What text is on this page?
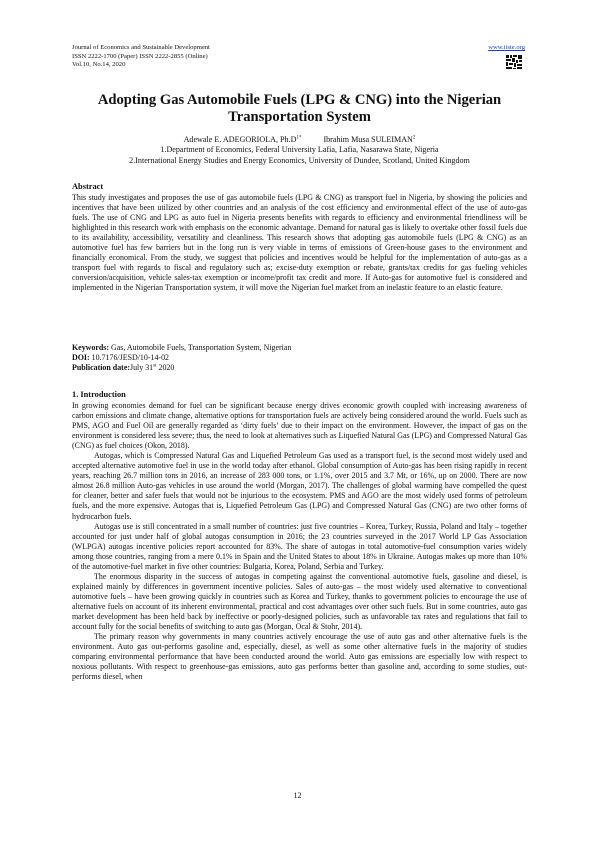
Journal of Economics and Sustainable Development
ISSN 2222-1700 (Paper) ISSN 2222-2855 (Online)
Vol.10, No.14, 2020
www.iiste.org
Adopting Gas Automobile Fuels (LPG & CNG) into the Nigerian Transportation System
Adewale E. ADEGORIOLA, $Ph.D^{1*}$	Ibrahim Musa SULEIMAN$^2$
1.Department of Economics, Federal University Lafia, Lafia, Nasarawa State, Nigeria
2.International Energy Studies and Energy Economics, University of Dundee, Scotland, United Kingdom
Abstract
This study investigates and proposes the use of gas automobile fuels (LPG & CNG) as transport fuel in Nigeria, by showing the policies and incentives that have been utilized by other countries and an analysis of the cost efficiency and environmental effect of the use of auto-gas fuels. The use of CNG and LPG as auto fuel in Nigeria presents benefits with regards to efficiency and environmental friendliness will be highlighted in this research work with emphasis on the economic advantage. Demand for natural gas is likely to overtake other fossil fuels due to its availability, accessibility, versatility and cleanliness. This research shows that adopting gas automobile fuels (LPG & CNG) as an automotive fuel has few barriers but in the long run is very viable in terms of emissions of Green-house gases to the environment and financially economical. From the study, we suggest that policies and incentives would be helpful for the implementation of auto-gas as a transport fuel with regards to fiscal and regulatory such as; excise-duty exemption or rebate, grants/tax credits for gas fueling vehicles conversion/acquisition, vehicle sales-tax exemption or income/profit tax credit and more. If Auto-gas for automotive fuel is considered and implemented in the Nigerian Transportation system, it will move the Nigerian fuel market from an inelastic feature to an elastic feature.
Keywords: Gas, Automobile Fuels, Transportation System, Nigerian
DOI: 10.7176/JESD/10-14-02
Publication date:July 31st 2020
1. Introduction

In growing economies demand for fuel can be significant because energy drives economic growth coupled with increasing awareness of carbon emissions and climate change, alternative options for transportation fuels are actively being considered around the world. Fuels such as PMS, AGO and Fuel Oil are generally regarded as ‘dirty fuels’ due to their impact on the environment. However, the impact of gas on the environment is considered less severe; thus, the need to look at alternatives such as Liquefied Natural Gas (LPG) and Compressed Natural Gas (CNG) as fuel choices (Okon, 2018).

Autogas, which is Compressed Natural Gas and Liquefied Petroleum Gas used as a transport fuel, is the second most widely used and accepted alternative automotive fuel in use in the world today after ethanol. Global consumption of Auto-gas has been rising rapidly in recent years, reaching 26.7 million tons in 2016, an increase of 283 000 tons, or 1.1%, over 2015 and 3.7 Mt, or 16%, up on 2000. There are now almost 26.8 million Auto-gas vehicles in use around the world (Morgan, 2017). The challenges of global warming have compelled the quest for cleaner, better and safer fuels that would not be injurious to the ecosystem. PMS and AGO are the most widely used forms of petroleum fuels, and the more expensive. Autogas that is, Liquefied Petroleum Gas (LPG) and Compressed Natural Gas (CNG) are two other forms of hydrocarbon fuels.

Autogas use is still concentrated in a small number of countries: just five countries – Korea, Turkey, Russia, Poland and Italy – together accounted for just under half of global autogas consumption in 2016; the 23 countries surveyed in the 2017 World LP Gas Association (WLPGA) autogas incentive policies report accounted for 83%. The share of autogas in total automotive-fuel consumption varies widely among those countries, ranging from a mere 0.1% in Spain and the United States to about 18% in Ukraine. Autogas makes up more than 10% of the automotive-fuel market in five other countries: Bulgaria, Korea, Poland, Serbia and Turkey.

The enormous disparity in the success of autogas in competing against the conventional automotive fuels, gasoline and diesel, is explained mainly by differences in government incentive policies. Sales of auto-gas – the most widely used alternative to conventional automotive fuels – have been growing quickly in countries such as Korea and Turkey, thanks to government policies to encourage the use of alternative fuels on account of its inherent environmental, practical and cost advantages over other such fuels. But in some countries, auto gas market development has been held back by ineffective or poorly-designed policies, such as unfavorable tax rates and regulations that fail to account fully for the social benefits of switching to auto gas (Morgan, Ocal & Stohr, 2014).

The primary reason why governments in many countries actively encourage the use of auto gas and other alternative fuels is the environment. Auto gas out-performs gasoline and, especially, diesel, as well as some other alternative fuels in the majority of studies comparing environmental performance that have been conducted around the world. Auto gas emissions are especially low with respect to noxious pollutants. With respect to greenhouse-gas emissions, auto gas performs better than gasoline and, according to some studies, out-performs diesel, when

12
